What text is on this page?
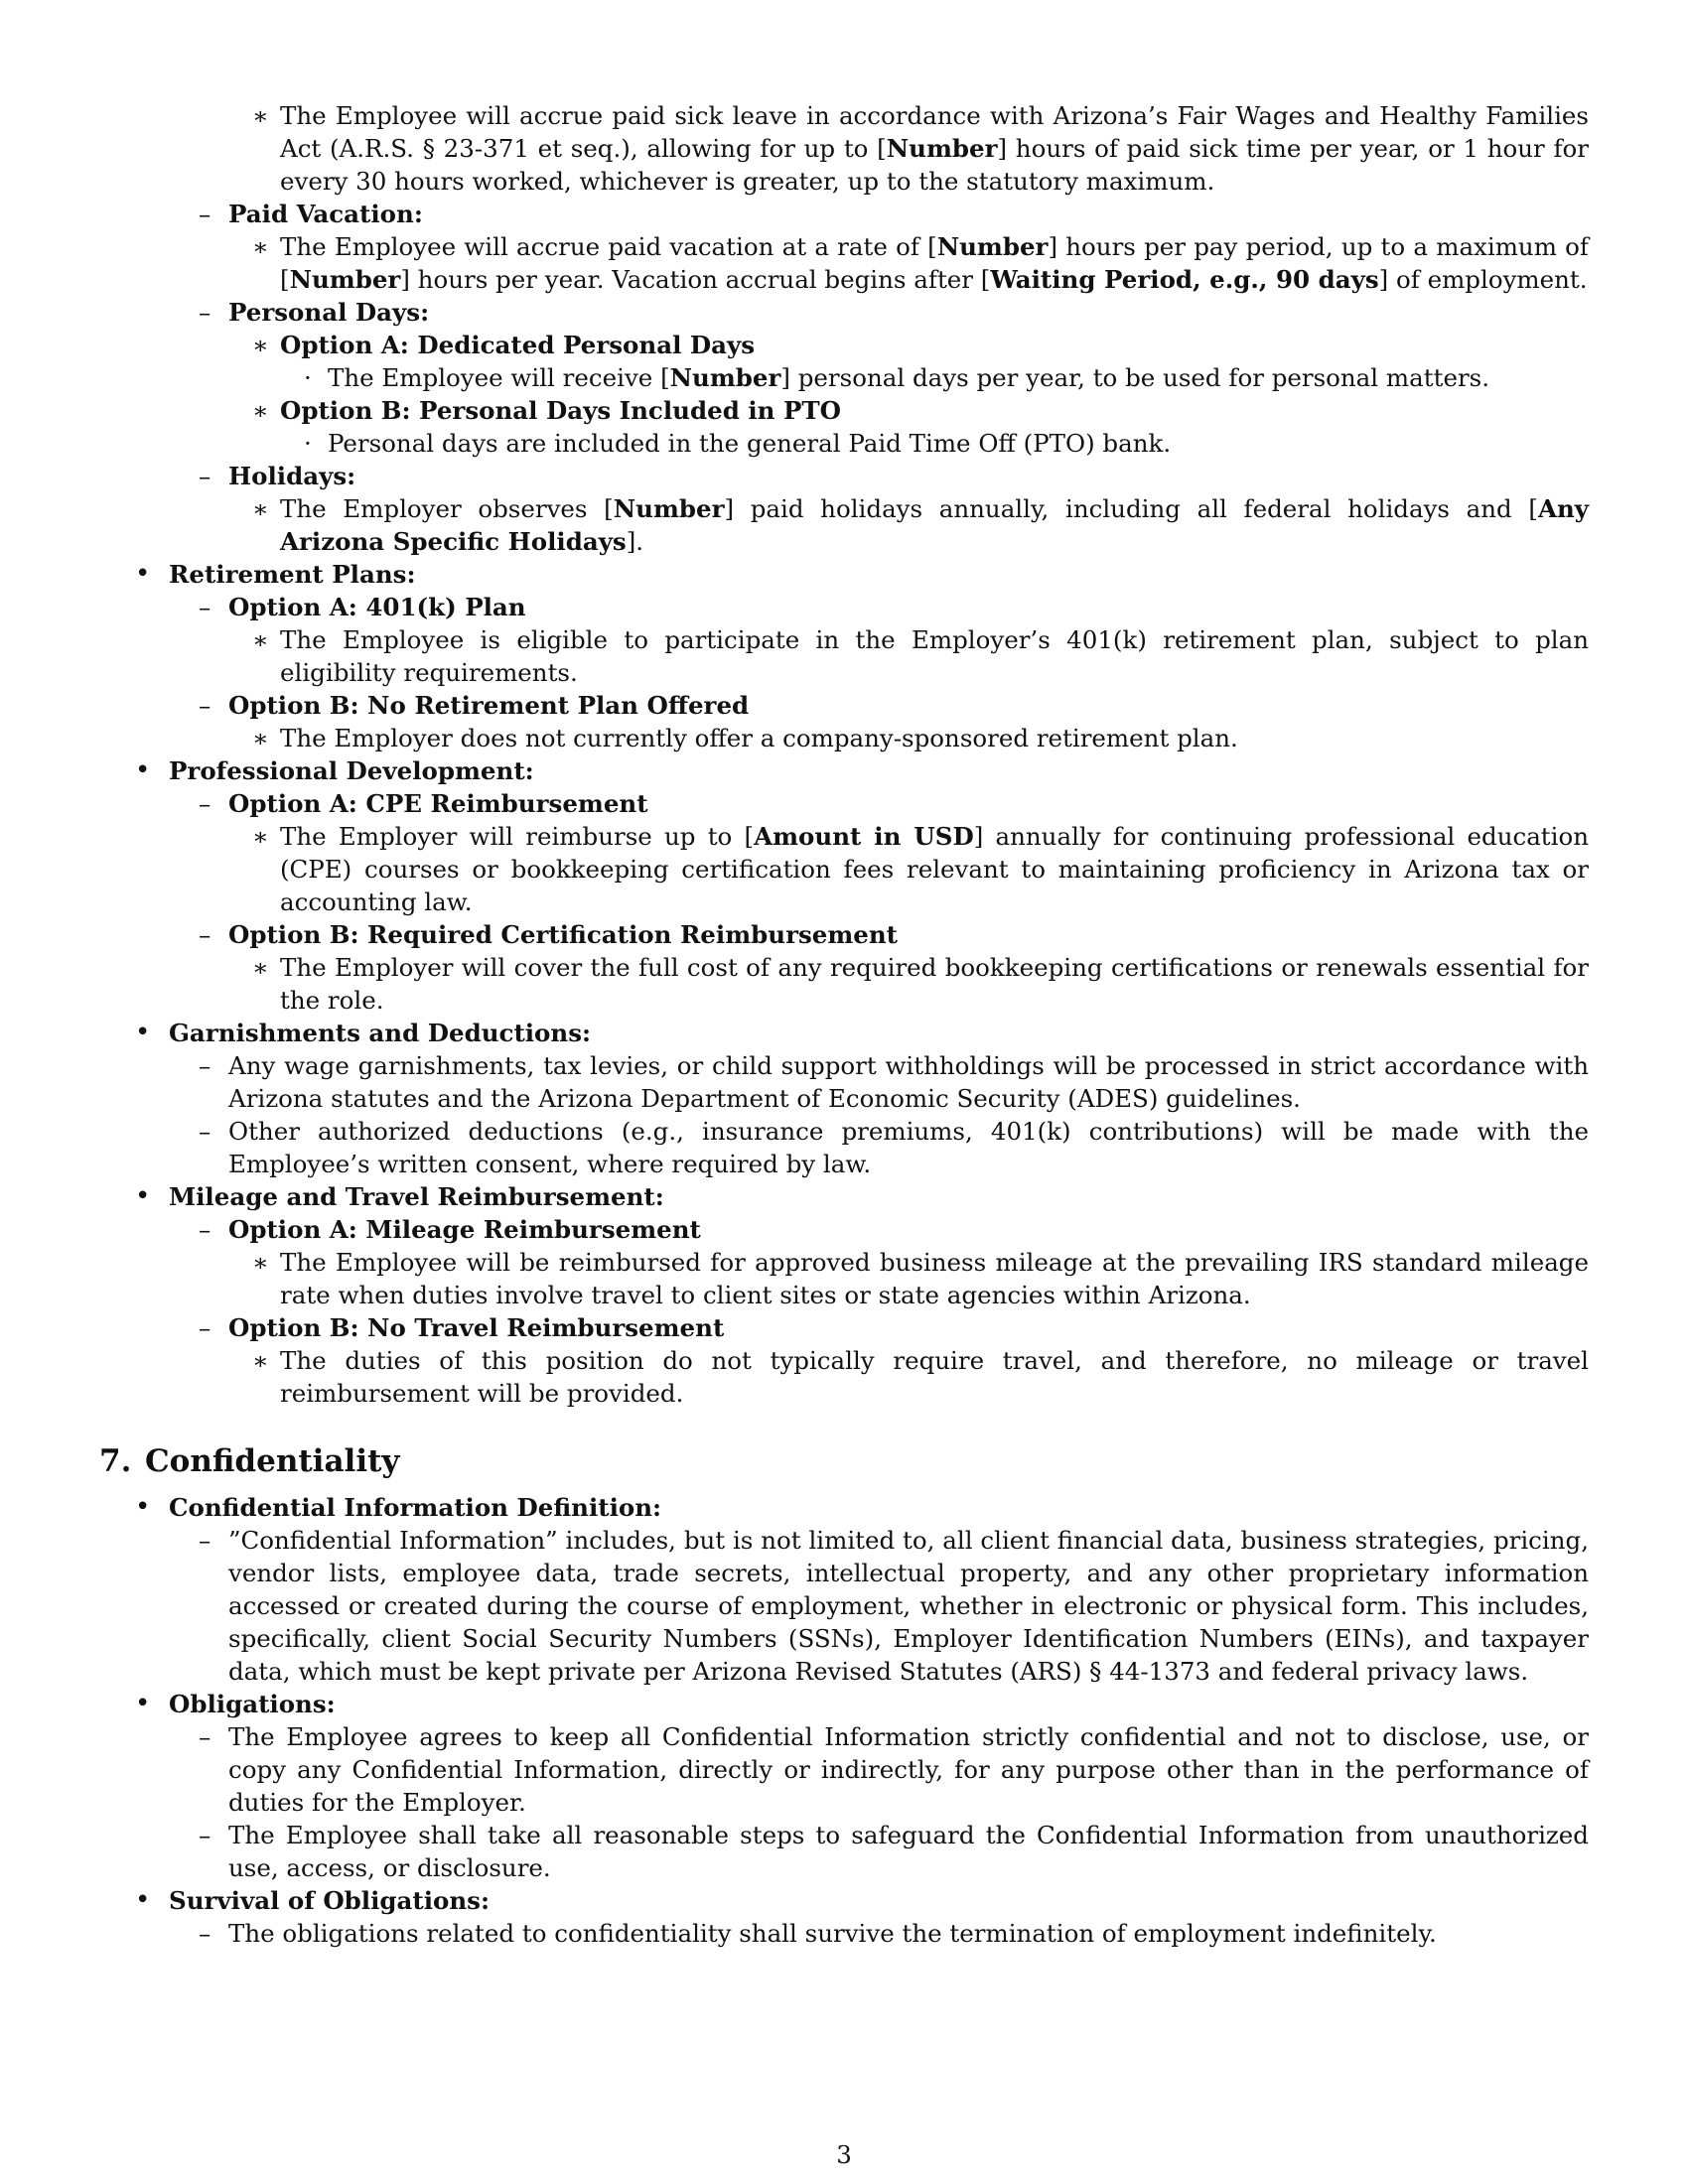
∗ The Employee will accrue paid sick leave in accordance with Arizona’s Fair Wages and Healthy Families Act (A.R.S. § 23-371 et seq.), allowing for up to [Number] hours of paid sick time per year, or 1 hour for every 30 hours worked, whichever is greater, up to the statutory maximum.
– Paid Vacation:
∗ The Employee will accrue paid vacation at a rate of [Number] hours per pay period, up to a maximum of [Number] hours per year. Vacation accrual begins after [Waiting Period, e.g., 90 days] of employment.
– Personal Days:
∗ Option A: Dedicated Personal Days
· The Employee will receive [Number] personal days per year, to be used for personal matters.
∗ Option B: Personal Days Included in PTO
· Personal days are included in the general Paid Time Off (PTO) bank.
– Holidays:
∗ The Employer observes [Number] paid holidays annually, including all federal holidays and [Any Arizona Specific Holidays].
• Retirement Plans:
– Option A: 401(k) Plan
∗ The Employee is eligible to participate in the Employer’s 401(k) retirement plan, subject to plan eligibility requirements.
– Option B: No Retirement Plan Offered
∗ The Employer does not currently offer a company-sponsored retirement plan.
• Professional Development:
– Option A: CPE Reimbursement
∗ The Employer will reimburse up to [Amount in USD] annually for continuing professional education (CPE) courses or bookkeeping certification fees relevant to maintaining proficiency in Arizona tax or accounting law.
– Option B: Required Certification Reimbursement
∗ The Employer will cover the full cost of any required bookkeeping certifications or renewals essential for the role.
• Garnishments and Deductions:
– Any wage garnishments, tax levies, or child support withholdings will be processed in strict accordance with Arizona statutes and the Arizona Department of Economic Security (ADES) guidelines.
– Other authorized deductions (e.g., insurance premiums, 401(k) contributions) will be made with the Employee’s written consent, where required by law.
• Mileage and Travel Reimbursement:
– Option A: Mileage Reimbursement
∗ The Employee will be reimbursed for approved business mileage at the prevailing IRS standard mileage rate when duties involve travel to client sites or state agencies within Arizona.
– Option B: No Travel Reimbursement
∗ The duties of this position do not typically require travel, and therefore, no mileage or travel reimbursement will be provided.
7. Confidentiality
• Confidential Information Definition:
– ”Confidential Information” includes, but is not limited to, all client financial data, business strategies, pricing, vendor lists, employee data, trade secrets, intellectual property, and any other proprietary information accessed or created during the course of employment, whether in electronic or physical form. This includes, specifically, client Social Security Numbers (SSNs), Employer Identification Numbers (EINs), and taxpayer data, which must be kept private per Arizona Revised Statutes (ARS) § 44-1373 and federal privacy laws.
• Obligations:
– The Employee agrees to keep all Confidential Information strictly confidential and not to disclose, use, or copy any Confidential Information, directly or indirectly, for any purpose other than in the performance of duties for the Employer.
– The Employee shall take all reasonable steps to safeguard the Confidential Information from unauthorized use, access, or disclosure.
• Survival of Obligations:
– The obligations related to confidentiality shall survive the termination of employment indefinitely.
3
